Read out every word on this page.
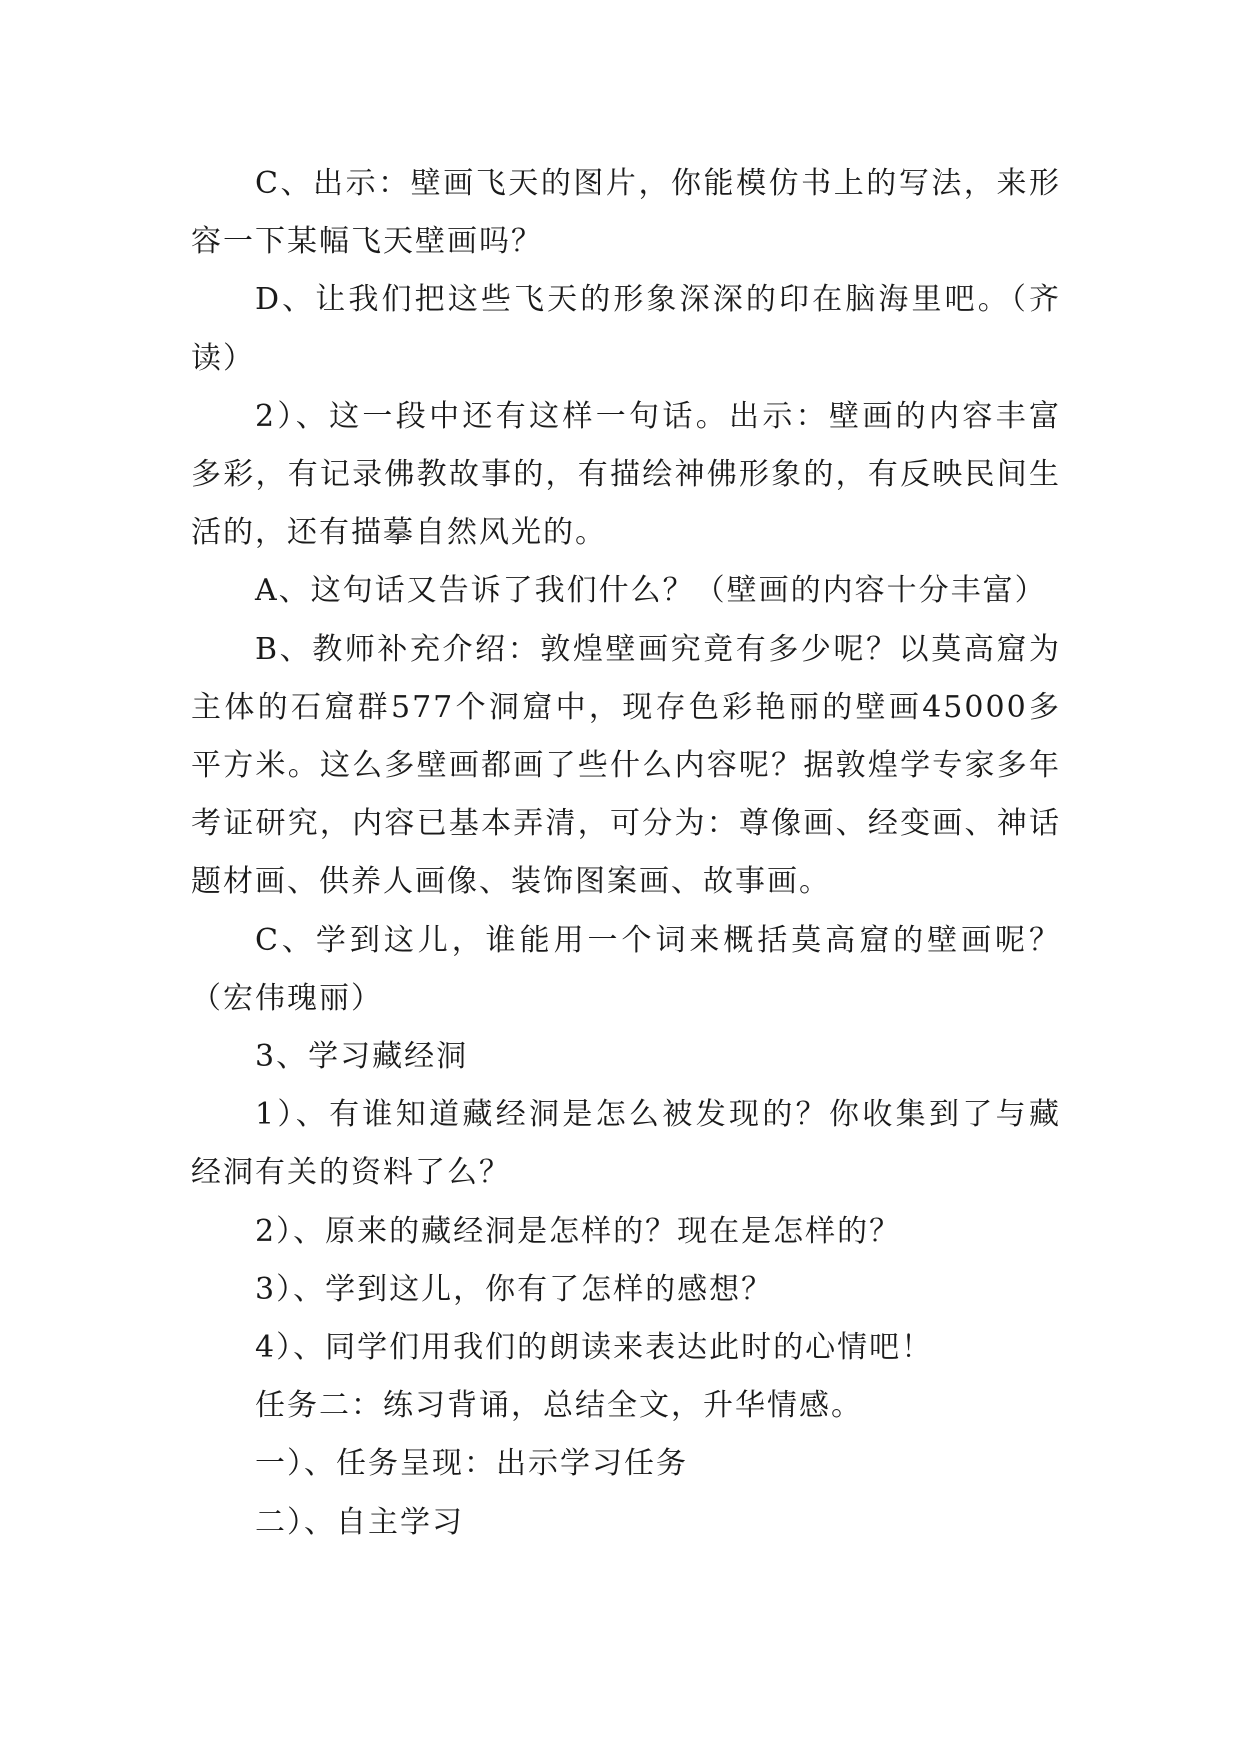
C、出示：壁画飞天的图片，你能模仿书上的写法，来形容一下某幅飞天壁画吗？

D、让我们把这些飞天的形象深深的印在脑海里吧。（齐读）

2）、这一段中还有这样一句话。出示：壁画的内容丰富多彩，有记录佛教故事的，有描绘神佛形象的，有反映民间生活的，还有描摹自然风光的。

A、这句话又告诉了我们什么？（壁画的内容十分丰富）

B、教师补充介绍：敦煌壁画究竟有多少呢？以莫高窟为主体的石窟群577个洞窟中，现存色彩艳丽的壁画45000多平方米。这么多壁画都画了些什么内容呢？据敦煌学专家多年考证研究，内容已基本弄清，可分为：尊像画、经变画、神话题材画、供养人画像、装饰图案画、故事画。

C、学到这儿，谁能用一个词来概括莫高窟的壁画呢？（宏伟瑰丽）

3、学习藏经洞

1）、有谁知道藏经洞是怎么被发现的？你收集到了与藏经洞有关的资料了么？

2）、原来的藏经洞是怎样的？现在是怎样的？

3）、学到这儿，你有了怎样的感想？

4）、同学们用我们的朗读来表达此时的心情吧！

任务二：练习背诵，总结全文，升华情感。

一）、任务呈现：出示学习任务

二）、自主学习
